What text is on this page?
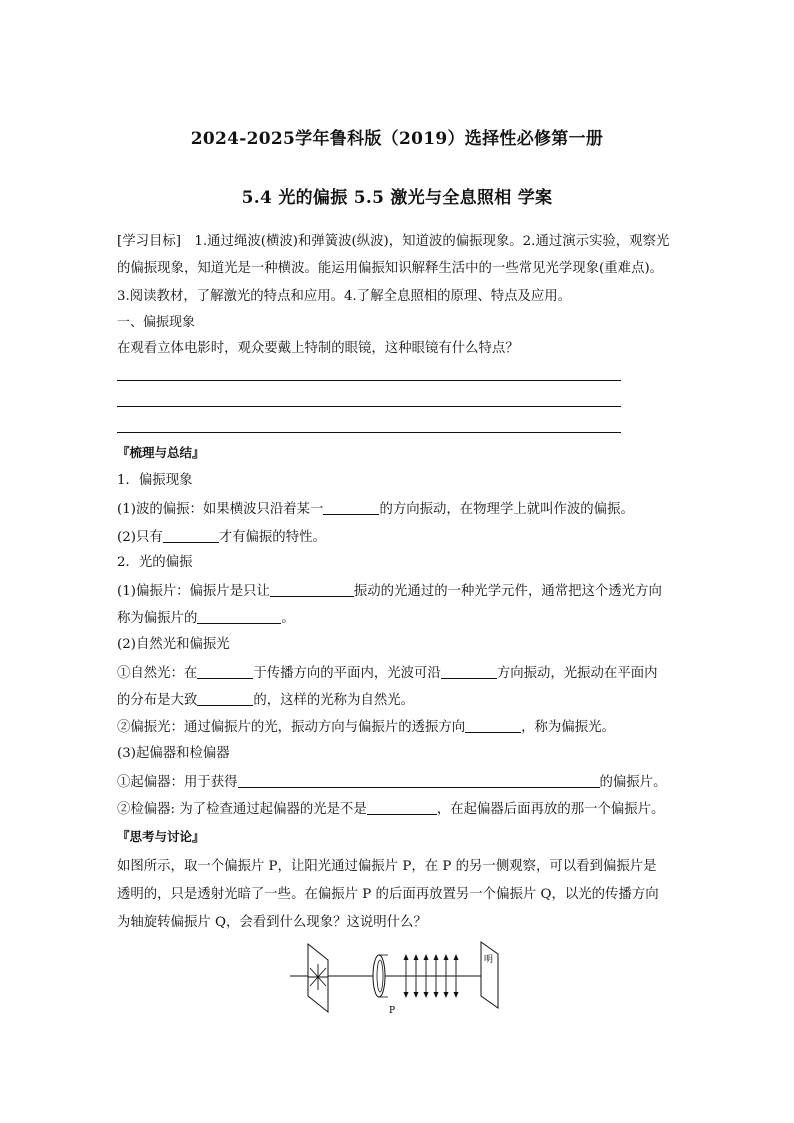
2024-2025学年鲁科版（2019）选择性必修第一册
5.4 光的偏振 5.5 激光与全息照相 学案
[学习目标]　1.通过绳波(横波)和弹簧波(纵波)，知道波的偏振现象。2.通过演示实验，观察光
的偏振现象，知道光是一种横波。能运用偏振知识解释生活中的一些常见光学现象(重难点)。
3.阅读教材，了解激光的特点和应用。4.了解全息照相的原理、特点及应用。
一、偏振现象
在观看立体电影时，观众要戴上特制的眼镜，这种眼镜有什么特点？
『梳理与总结』
1．偏振现象
(1)波的偏振：如果横波只沿着某一	的方向振动，在物理学上就叫作波的偏振。
(2)只有	才有偏振的特性。
2．光的偏振
(1)偏振片：偏振片是只让	振动的光通过的一种光学元件，通常把这个透光方向
称为偏振片的	。
(2)自然光和偏振光
①自然光：在	于传播方向的平面内，光波可沿	方向振动，光振动在平面内
的分布是大致	的，这样的光称为自然光。
②偏振光：通过偏振片的光，振动方向与偏振片的透振方向	，称为偏振光。
(3)起偏器和检偏器
①起偏器：用于获得	的偏振片。
②检偏器: 为了检查通过起偏器的光是不是	，在起偏器后面再放的那一个偏振片。
『思考与讨论』
如图所示，取一个偏振片 P，让阳光通过偏振片 P，在 P 的另一侧观察，可以看到偏振片是
透明的，只是透射光暗了一些。在偏振片 P 的后面再放置另一个偏振片 Q，以光的传播方向
为轴旋转偏振片 Q，会看到什么现象？这说明什么？
P
明
